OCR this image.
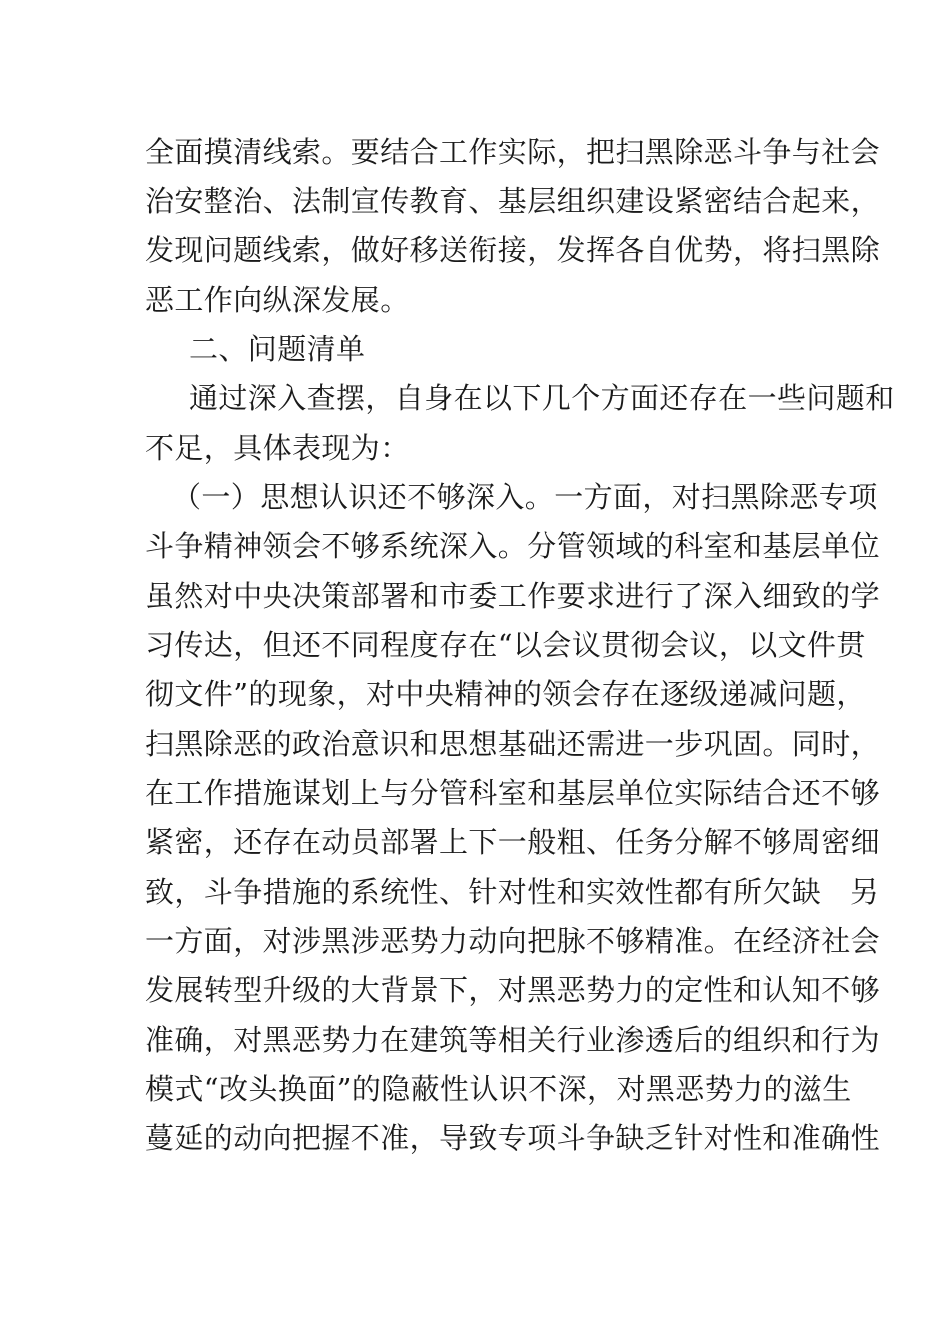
全面摸清线索。要结合工作实际，把扫黑除恶斗争与社会
治安整治、法制宣传教育、基层组织建设紧密结合起来，
发现问题线索，做好移送衔接，发挥各自优势，将扫黑除
恶工作向纵深发展。
二、问题清单
通过深入查摆，自身在以下几个方面还存在一些问题和
不足，具体表现为：
（一）思想认识还不够深入。一方面，对扫黑除恶专项
斗争精神领会不够系统深入。分管领域的科室和基层单位
虽然对中央决策部署和市委工作要求进行了深入细致的学
习传达，但还不同程度存在“以会议贯彻会议，以文件贯
彻文件”的现象，对中央精神的领会存在逐级递减问题，
扫黑除恶的政治意识和思想基础还需进一步巩固。同时，
在工作措施谋划上与分管科室和基层单位实际结合还不够
紧密，还存在动员部署上下一般粗、任务分解不够周密细
致，斗争措施的系统性、针对性和实效性都有所欠缺   另
一方面，对涉黑涉恶势力动向把脉不够精准。在经济社会
发展转型升级的大背景下，对黑恶势力的定性和认知不够
准确，对黑恶势力在建筑等相关行业渗透后的组织和行为
模式“改头换面”的隐蔽性认识不深，对黑恶势力的滋生
蔓延的动向把握不准，导致专项斗争缺乏针对性和准确性
